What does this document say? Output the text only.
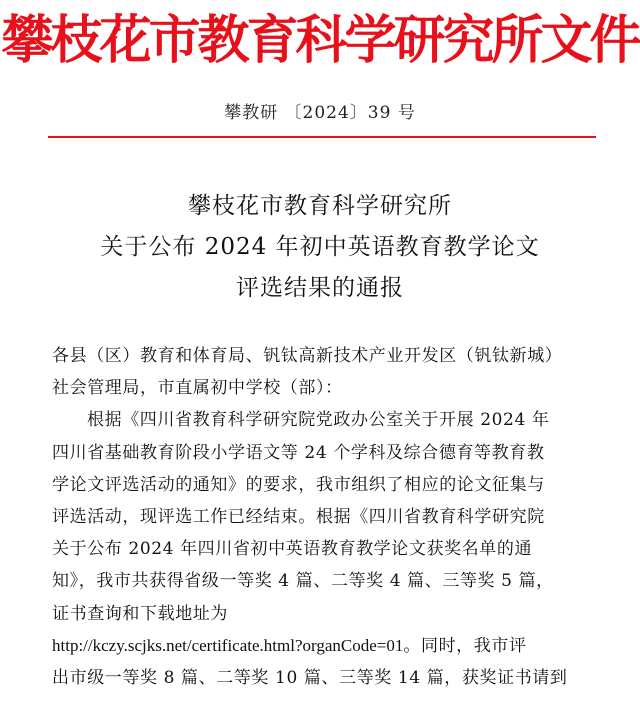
攀枝花市教育科学研究所文件
攀教研 〔2024〕39 号
攀枝花市教育科学研究所
关于公布 2024 年初中英语教育教学论文
评选结果的通报
各县（区）教育和体育局、钒钛高新技术产业开发区（钒钛新城）
社会管理局，市直属初中学校（部）：
根据《四川省教育科学研究院党政办公室关于开展 2024 年
四川省基础教育阶段小学语文等 24 个学科及综合德育等教育教
学论文评选活动的通知》的要求，我市组织了相应的论文征集与
评选活动，现评选工作已经结束。根据《四川省教育科学研究院
关于公布 2024 年四川省初中英语教育教学论文获奖名单的通
知》，我市共获得省级一等奖 4 篇、二等奖 4 篇、三等奖 5 篇，
证书查询和下载地址为
http://kczy.scjks.net/certificate.html?organCode=01。同时，我市评
出市级一等奖 8 篇、二等奖 10 篇、三等奖 14 篇，获奖证书请到
